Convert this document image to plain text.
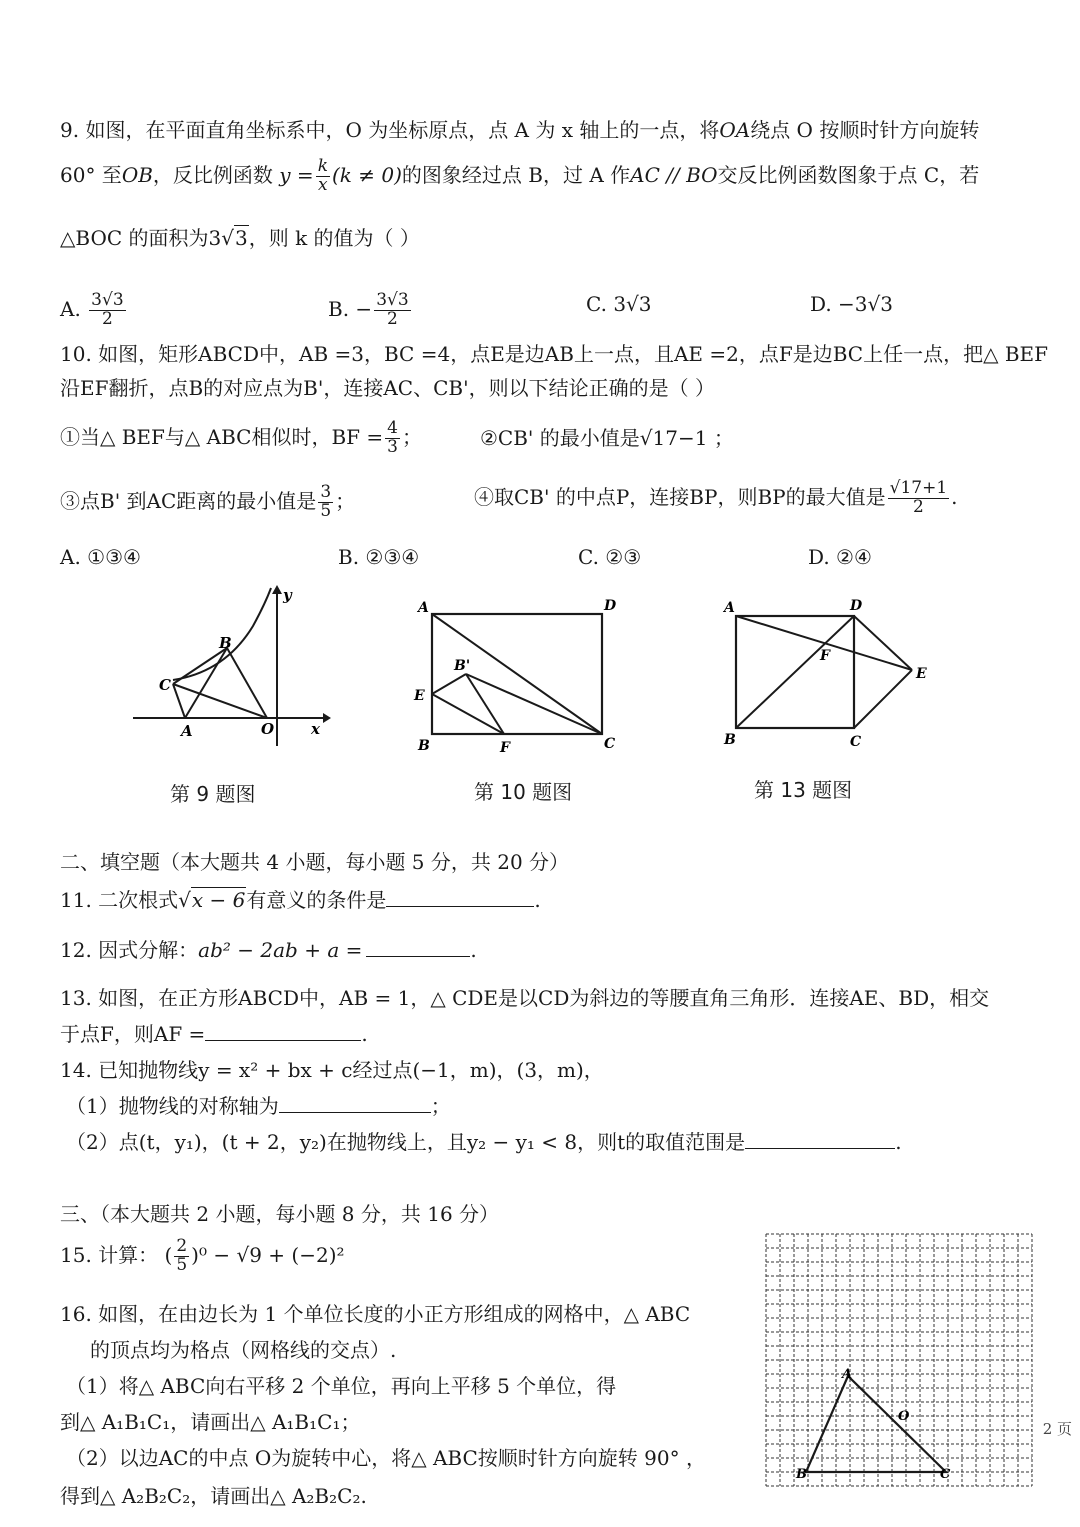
9. 如图，在平面直角坐标系中，O 为坐标原点，点 A 为 x 轴上的一点，将OA绕点 O 按顺时针方向旋转
60° 至OB，反比例函数 $y = \frac{k}{x} (k \ne 0)$的图象经过点 B，过 A 作AC // BO交反比例函数图象于点 C，若
△BOC 的面积为3√3，则 k 的值为（ ）
A. $\frac{3√3}{2}$	B. − $\frac{3√3}{2}$	C. 3√3	D. −3√3
10. 如图，矩形ABCD中，AB =3，BC =4，点E是边AB上一点，且AE =2，点F是边BC上任一点，把△ BEF
沿EF翻折，点B的对应点为B'，连接AC、CB'，则以下结论正确的是（ ）
①当△ BEF与△ ABC相似时，BF = $\frac{4}{3}$ ；	②CB' 的最小值是√17−1 ；
③点B' 到AC距离的最小值是 $\frac{3}{5}$ ；	④取CB' 的中点P，连接BP，则BP的最大值是 $\frac{√17+1}{2}$ .
A. ①③④	B. ②③④	C. ②③	D. ②④
y
x
B
C
A	O
第 9 题图
A	D
B'
E
B	F	C
第 10 题图
A	D
F
E
B	C
第 13 题图
二、填空题（本大题共 4 小题，每小题 5 分，共 20 分）
11. 二次根式√x − 6有意义的条件是	.
12. 因式分解：ab² − 2ab + a =	.
13. 如图，在正方形ABCD中，AB = 1，△ CDE是以CD为斜边的等腰直角三角形．连接AE、BD，相交
于点F，则AF =	.
14. 已知抛物线y = x² + bx + c经过点(−1，m)，(3，m)，
（1）抛物线的对称轴为	；
（2）点(t，y₁)，(t + 2，y₂)在抛物线上，且y₂ − y₁ < 8，则t的取值范围是	.
三、（本大题共 2 小题，每小题 8 分，共 16 分）
15. 计算： ( $\frac{2}{5} )^0 - √9 + (-2)^2$
16. 如图，在由边长为 1 个单位长度的小正方形组成的网格中，△ ABC
的顶点均为格点（网格线的交点）.
（1）将△ ABC向右平移 2 个单位，再向上平移 5 个单位，得
到△ A₁B₁C₁，请画出△ A₁B₁C₁；
（2）以边AC的中点 O为旋转中心，将△ ABC按顺时针方向旋转 90° ，
得到△ A₂B₂C₂，请画出△ A₂B₂C₂.
A
O
B	C
2 页
